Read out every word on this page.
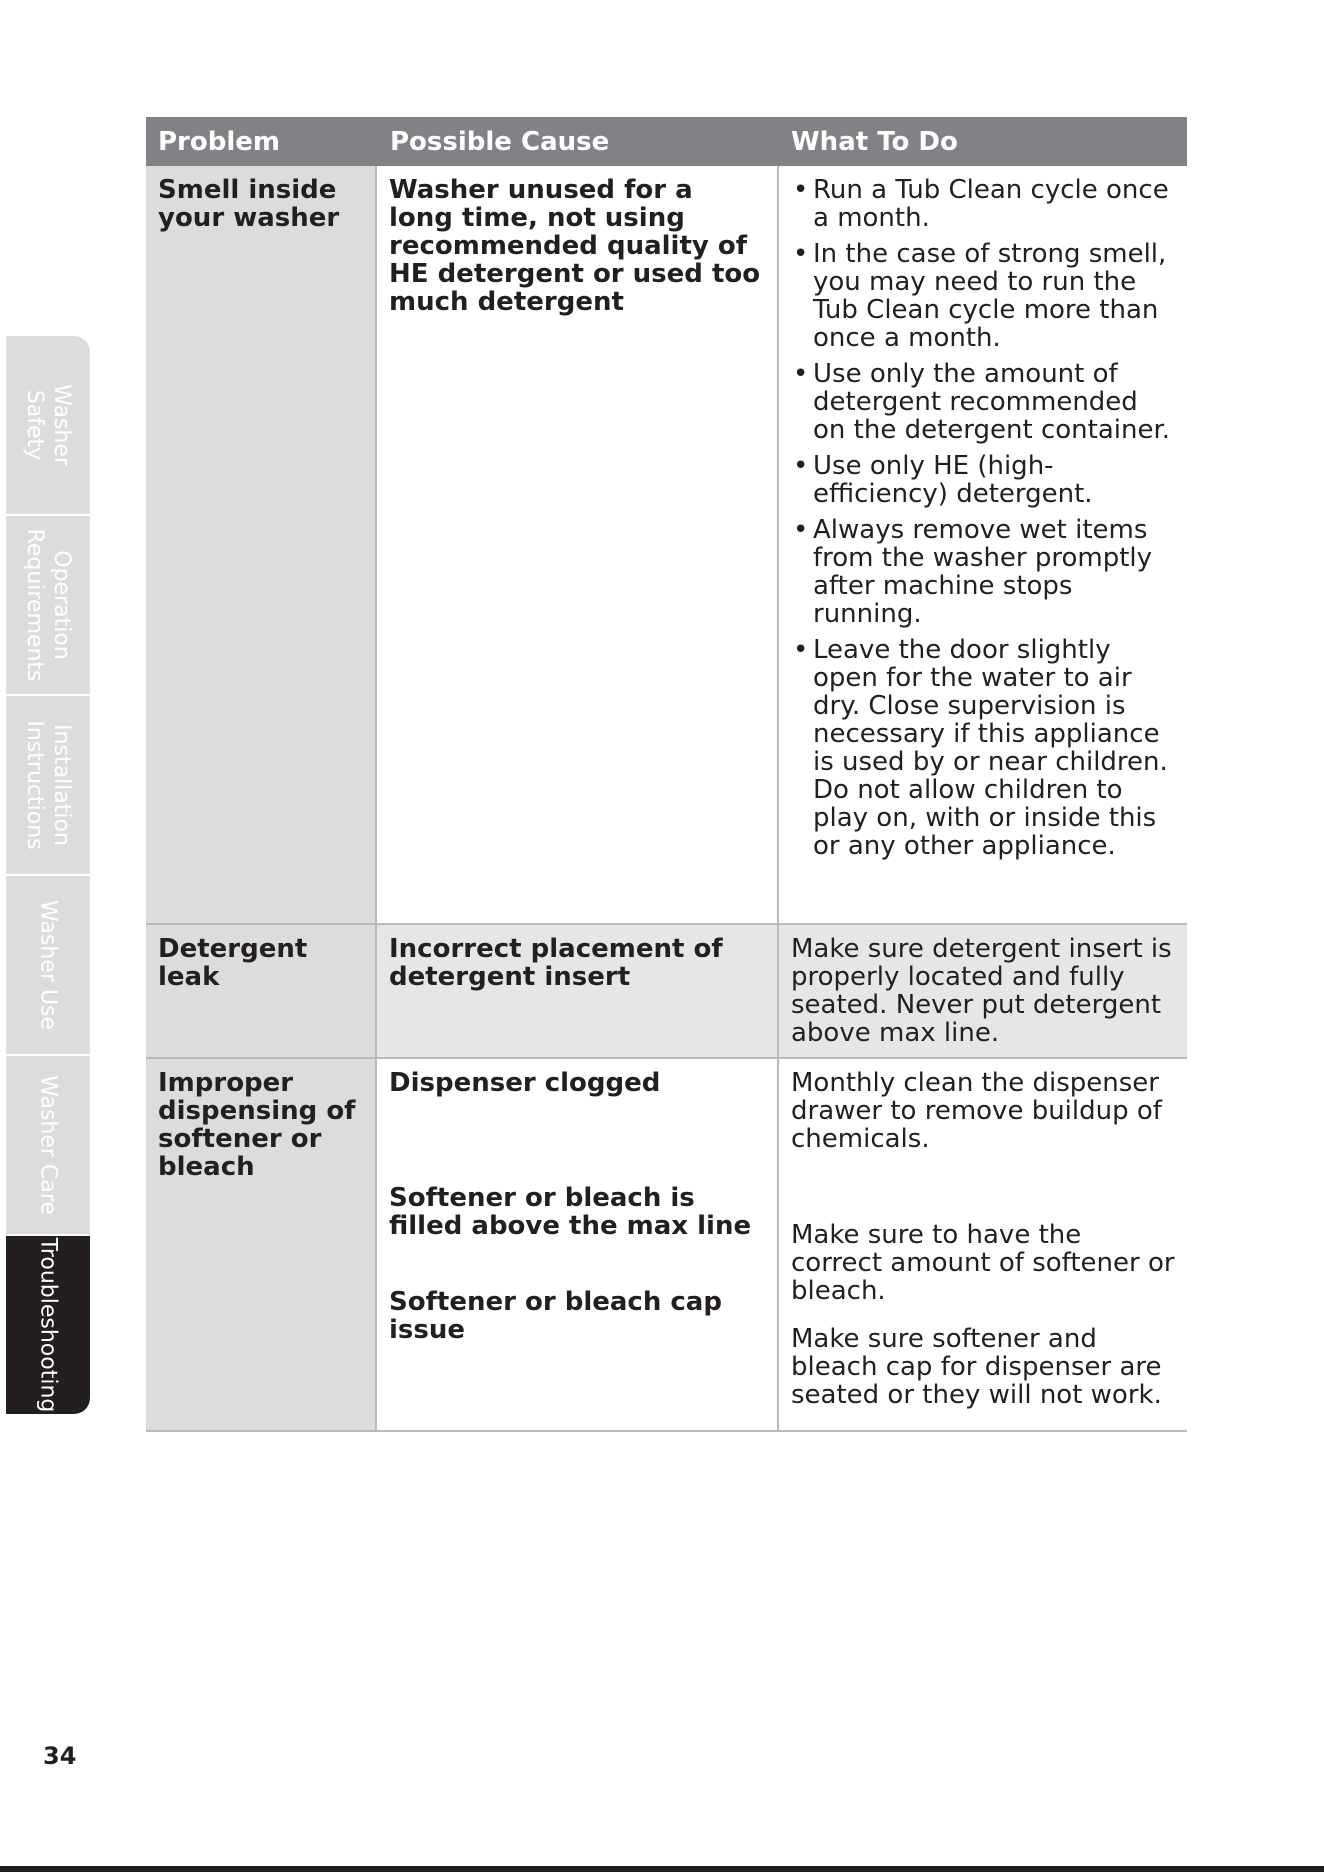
Washer
Safety
Operation
Requirements
Installation
Instructions
Washer Use
Washer Care
Troubleshooting
Problem	Possible Cause	What To Do
Smell inside your washer
Washer unused for a long time, not using recommended quality of HE detergent or used too much detergent
• Run a Tub Clean cycle once a month.
• In the case of strong smell, you may need to run the Tub Clean cycle more than once a month.
• Use only the amount of detergent recommended on the detergent container.
• Use only HE (high-efficiency) detergent.
• Always remove wet items from the washer promptly after machine stops running.
• Leave the door slightly open for the water to air dry. Close supervision is necessary if this appliance is used by or near children. Do not allow children to play on, with or inside this or any other appliance.
Detergent leak
Incorrect placement of detergent insert
Make sure detergent insert is properly located and fully seated. Never put detergent above max line.
Improper dispensing of softener or bleach
Dispenser clogged
Softener or bleach is filled above the max line
Softener or bleach cap issue
Monthly clean the dispenser drawer to remove buildup of chemicals.
Make sure to have the correct amount of softener or bleach.
Make sure softener and bleach cap for dispenser are seated or they will not work.
34
